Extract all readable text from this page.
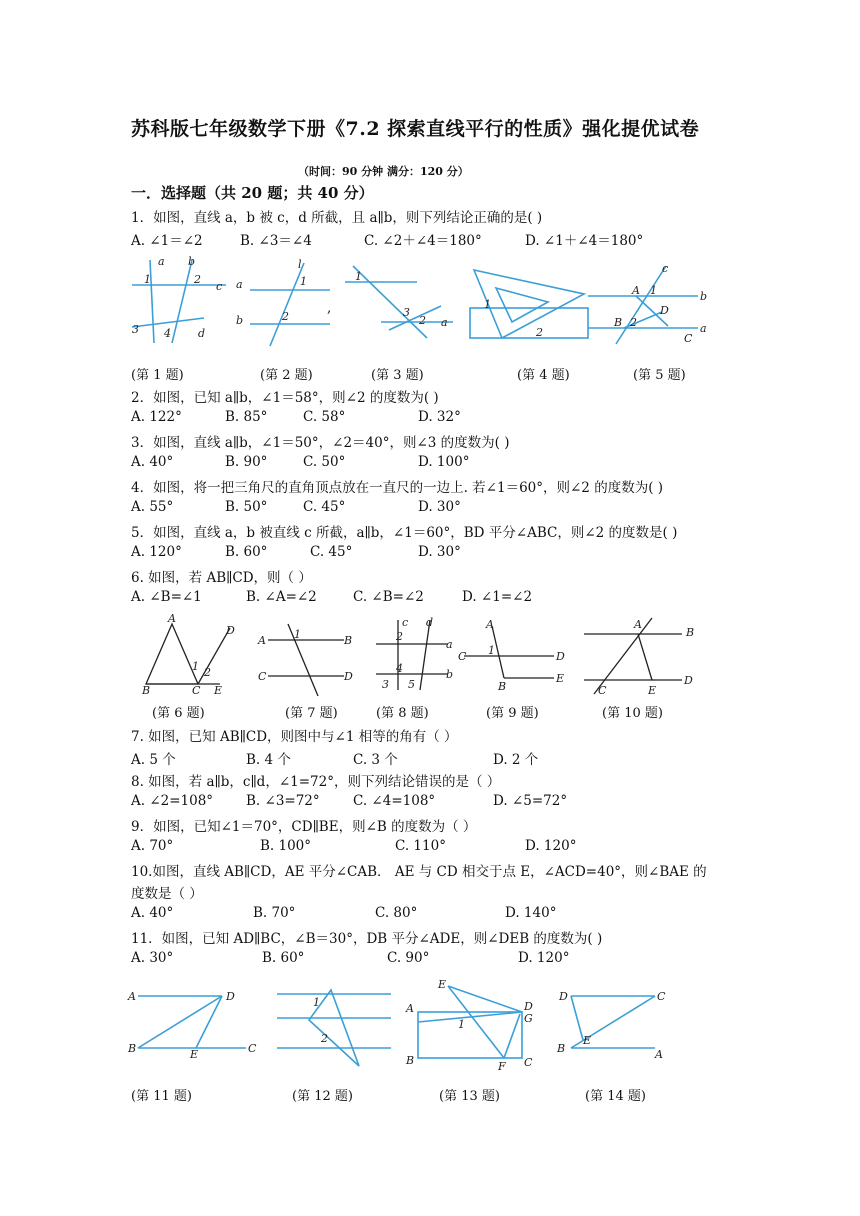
苏科版七年级数学下册《7.2 探索直线平行的性质》强化提优试卷
（时间：90 分钟 满分：120 分）
一．选择题（共 20 题；共 40 分）
1．如图，直线 a，b 被 c，d 所截，且 a∥b，则下列结论正确的是( )
A. ∠1＝∠2	B. ∠3＝∠4	C. ∠2＋∠4＝180°	D. ∠1＋∠4＝180°
a b
1	2
c
3 4 d
l
a	1
b	2
,
1
3
2 a
1
2
c
A 1	b
D
B 2	a
C
(第 1 题)	(第 2 题)	(第 3 题)	(第 4 题)	(第 5 题)
2．如图，已知 a∥b，∠1＝58°，则∠2 的度数为( )
A. 122°	B. 85°	C. 58°	D. 32°
3．如图，直线 a∥b，∠1＝50°，∠2＝40°，则∠3 的度数为( )
A. 40°	B. 90°	C. 50°	D. 100°
4．如图，将一把三角尺的直角顶点放在一直尺的一边上. 若∠1＝60°，则∠2 的度数为( )
A. 55°	B. 50°	C. 45°	D. 30°
5．如图，直线 a，b 被直线 c 所截，a∥b，∠1＝60°，BD 平分∠ABC，则∠2 的度数是( )
A. 120°	B. 60°	C. 45°	D. 30°
6. 如图，若 AB∥CD，则（ ）
A. ∠B=∠1	B. ∠A=∠2	C. ∠B=∠2	D. ∠1=∠2
A
D
1 2
B	C E
A	1	B
C	D
2
c d
a
4
3 5
b
A
1
C	D
B
E
A
B
C	E
D
(第 6 题)	(第 7 题)	(第 8 题)	(第 9 题)	(第 10 题)
7. 如图，已知 AB∥CD，则图中与∠1 相等的角有（ ）
A. 5 个	B. 4 个	C. 3 个	D. 2 个
8. 如图，若 a∥b，c∥d，∠1=72°，则下列结论错误的是（ ）
A. ∠2=108° B. ∠3=72° C. ∠4=108°	D. ∠5=72°
9．如图，已知∠1＝70°，CD∥BE，则∠B 的度数为（ ）
A. 70°	B. 100°	C. 110°	D. 120°
10.如图，直线 AB∥CD，AE 平分∠CAB． AE 与 CD 相交于点 E，∠ACD=40°，则∠BAE 的
度数是（ ）
A. 40°	B. 70°	C. 80°	D. 140°
11．如图，已知 AD∥BC，∠B＝30°，DB 平分∠ADE，则∠DEB 的度数为( )
A. 30°	B. 60°	C. 90°	D. 120°
A	D
B	E	C
1
2
E
D
A
1	G
B	F C
D	C
B
E
A
(第 11 题)	(第 12 题)	(第 13 题)	(第 14 题)
